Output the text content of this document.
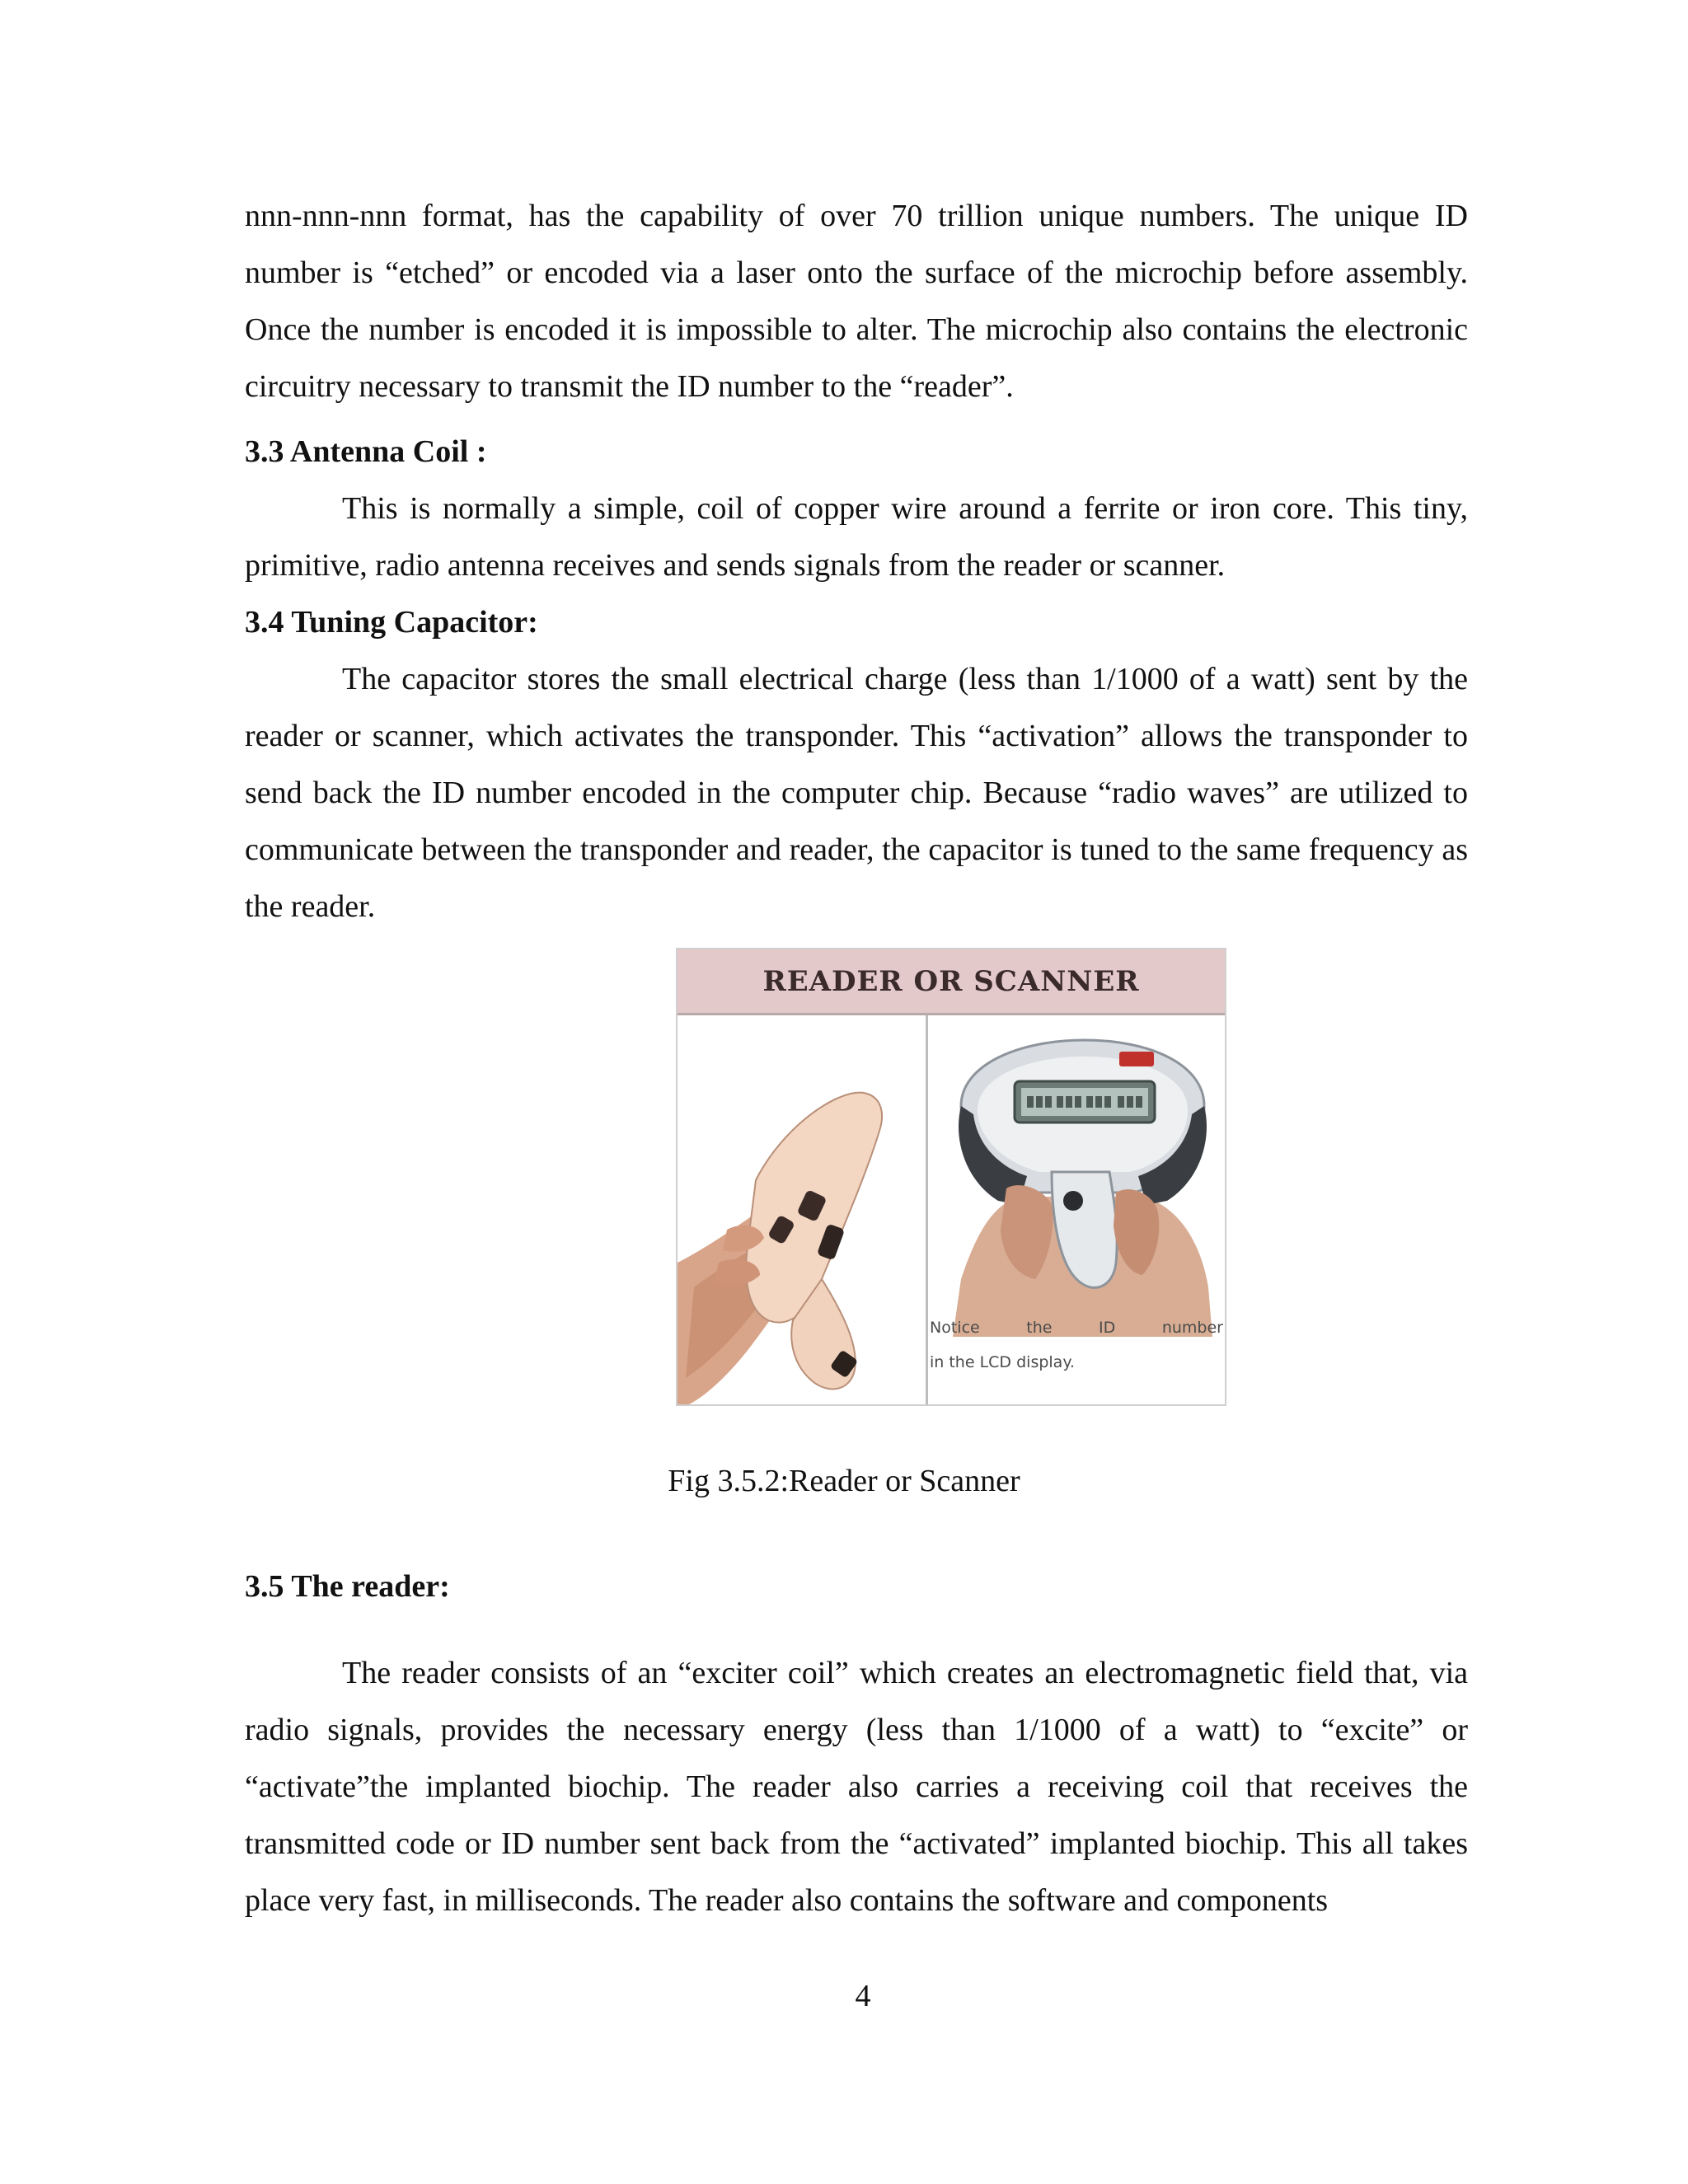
nnn-nnn-nnn format, has the capability of over 70 trillion unique numbers. The unique ID number is “etched” or encoded via a laser onto the surface of the microchip before assembly. Once the number is encoded it is impossible to alter. The microchip also contains the electronic circuitry necessary to transmit the ID number to the “reader”.

3.3 Antenna Coil :

This is normally a simple, coil of copper wire around a ferrite or iron core. This tiny, primitive, radio antenna receives and sends signals from the reader or scanner.

3.4 Tuning Capacitor:

The capacitor stores the small electrical charge (less than 1/1000 of a watt) sent by the reader or scanner, which activates the transponder. This “activation” allows the transponder to send back the ID number encoded in the computer chip. Because “radio waves” are utilized to communicate between the transponder and reader, the capacitor is tuned to the same frequency as the reader.

READER OR SCANNER
Notice	the	ID	number
in the LCD display.
Fig 3.5.2:Reader or Scanner
3.5 The reader:

The reader consists of an “exciter coil” which creates an electromagnetic field that, via radio signals, provides the necessary energy (less than 1/1000 of a watt) to “excite” or “activate”the implanted biochip. The reader also carries a receiving coil that receives the transmitted code or ID number sent back from the “activated” implanted biochip. This all takes place very fast, in milliseconds. The reader also contains the software and components

4
